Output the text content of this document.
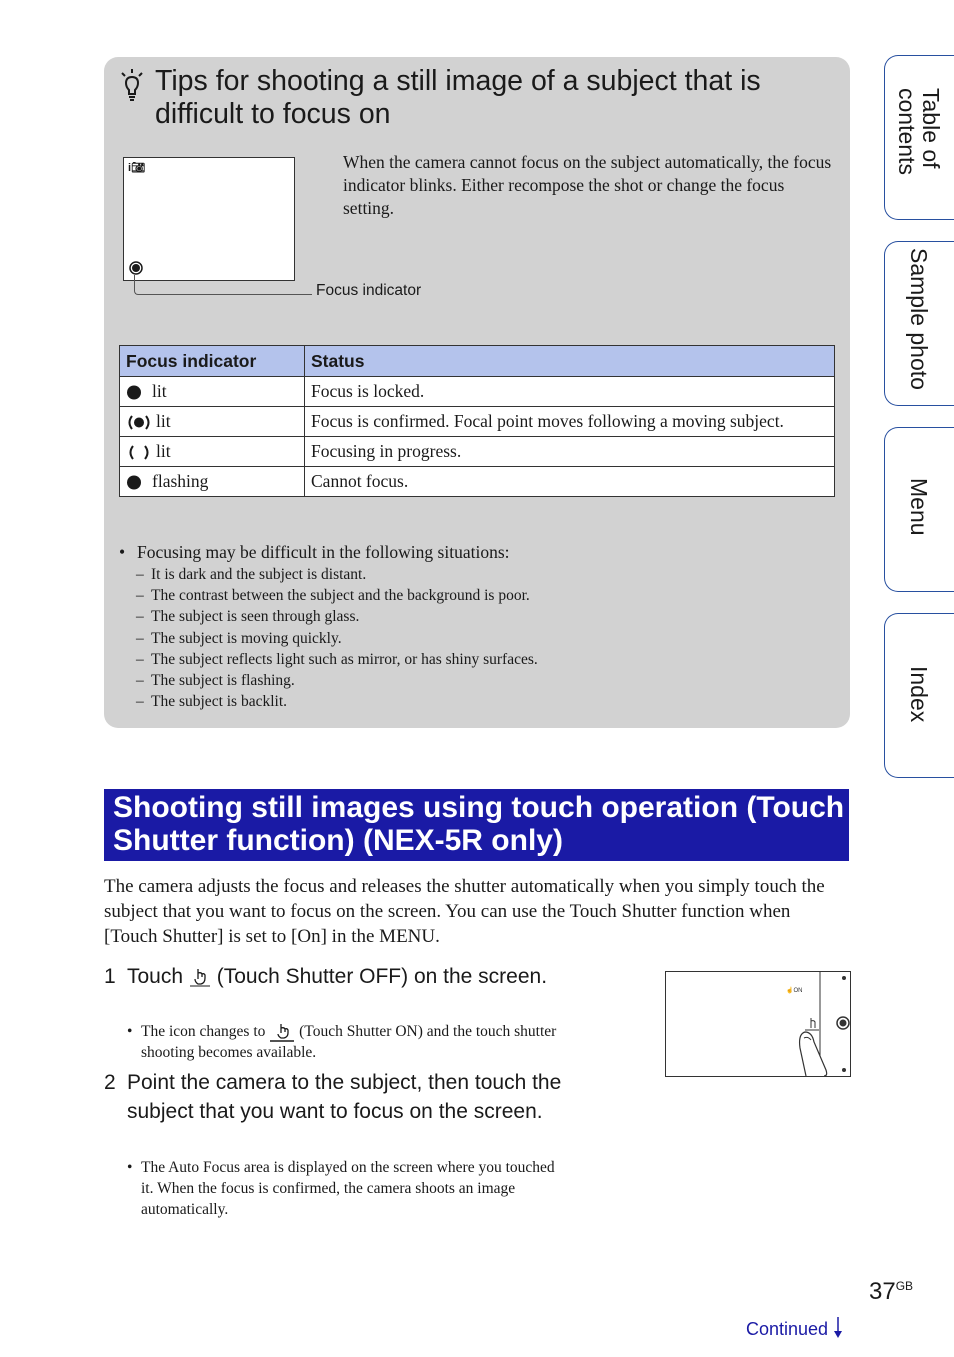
Tips for shooting a still image of a subject that is difficult to focus on
i📷︎
Focus indicator
When the camera cannot focus on the subject automatically, the focus indicator blinks. Either recompose the shot or change the focus setting.
Focus indicator	Status
lit	Focus is locked.
lit	Focus is confirmed. Focal point moves following a moving subject.
lit	Focusing in progress.
flashing	Cannot focus.
• Focusing may be difficult in the following situations:
– It is dark and the subject is distant.
– The contrast between the subject and the background is poor.
– The subject is seen through glass.
– The subject is moving quickly.
– The subject reflects light such as mirror, or has shiny surfaces.
– The subject is flashing.
– The subject is backlit.
Table of contents
Sample photo
Menu
Index
Shooting still images using touch operation (Touch Shutter function) (NEX-5R only)
The camera adjusts the focus and releases the shutter automatically when you simply touch the subject that you want to focus on the screen. You can use the Touch Shutter function when [Touch Shutter] is set to [On] in the MENU.
1 Touch (Touch Shutter OFF) on the screen.
• The icon changes to (Touch Shutter ON) and the touch shutter shooting becomes available.
2 Point the camera to the subject, then touch the subject that you want to focus on the screen.
• The Auto Focus area is displayed on the screen where you touched it. When the focus is confirmed, the camera shoots an image automatically.
☝ON
$37^{GB}$
Continued
